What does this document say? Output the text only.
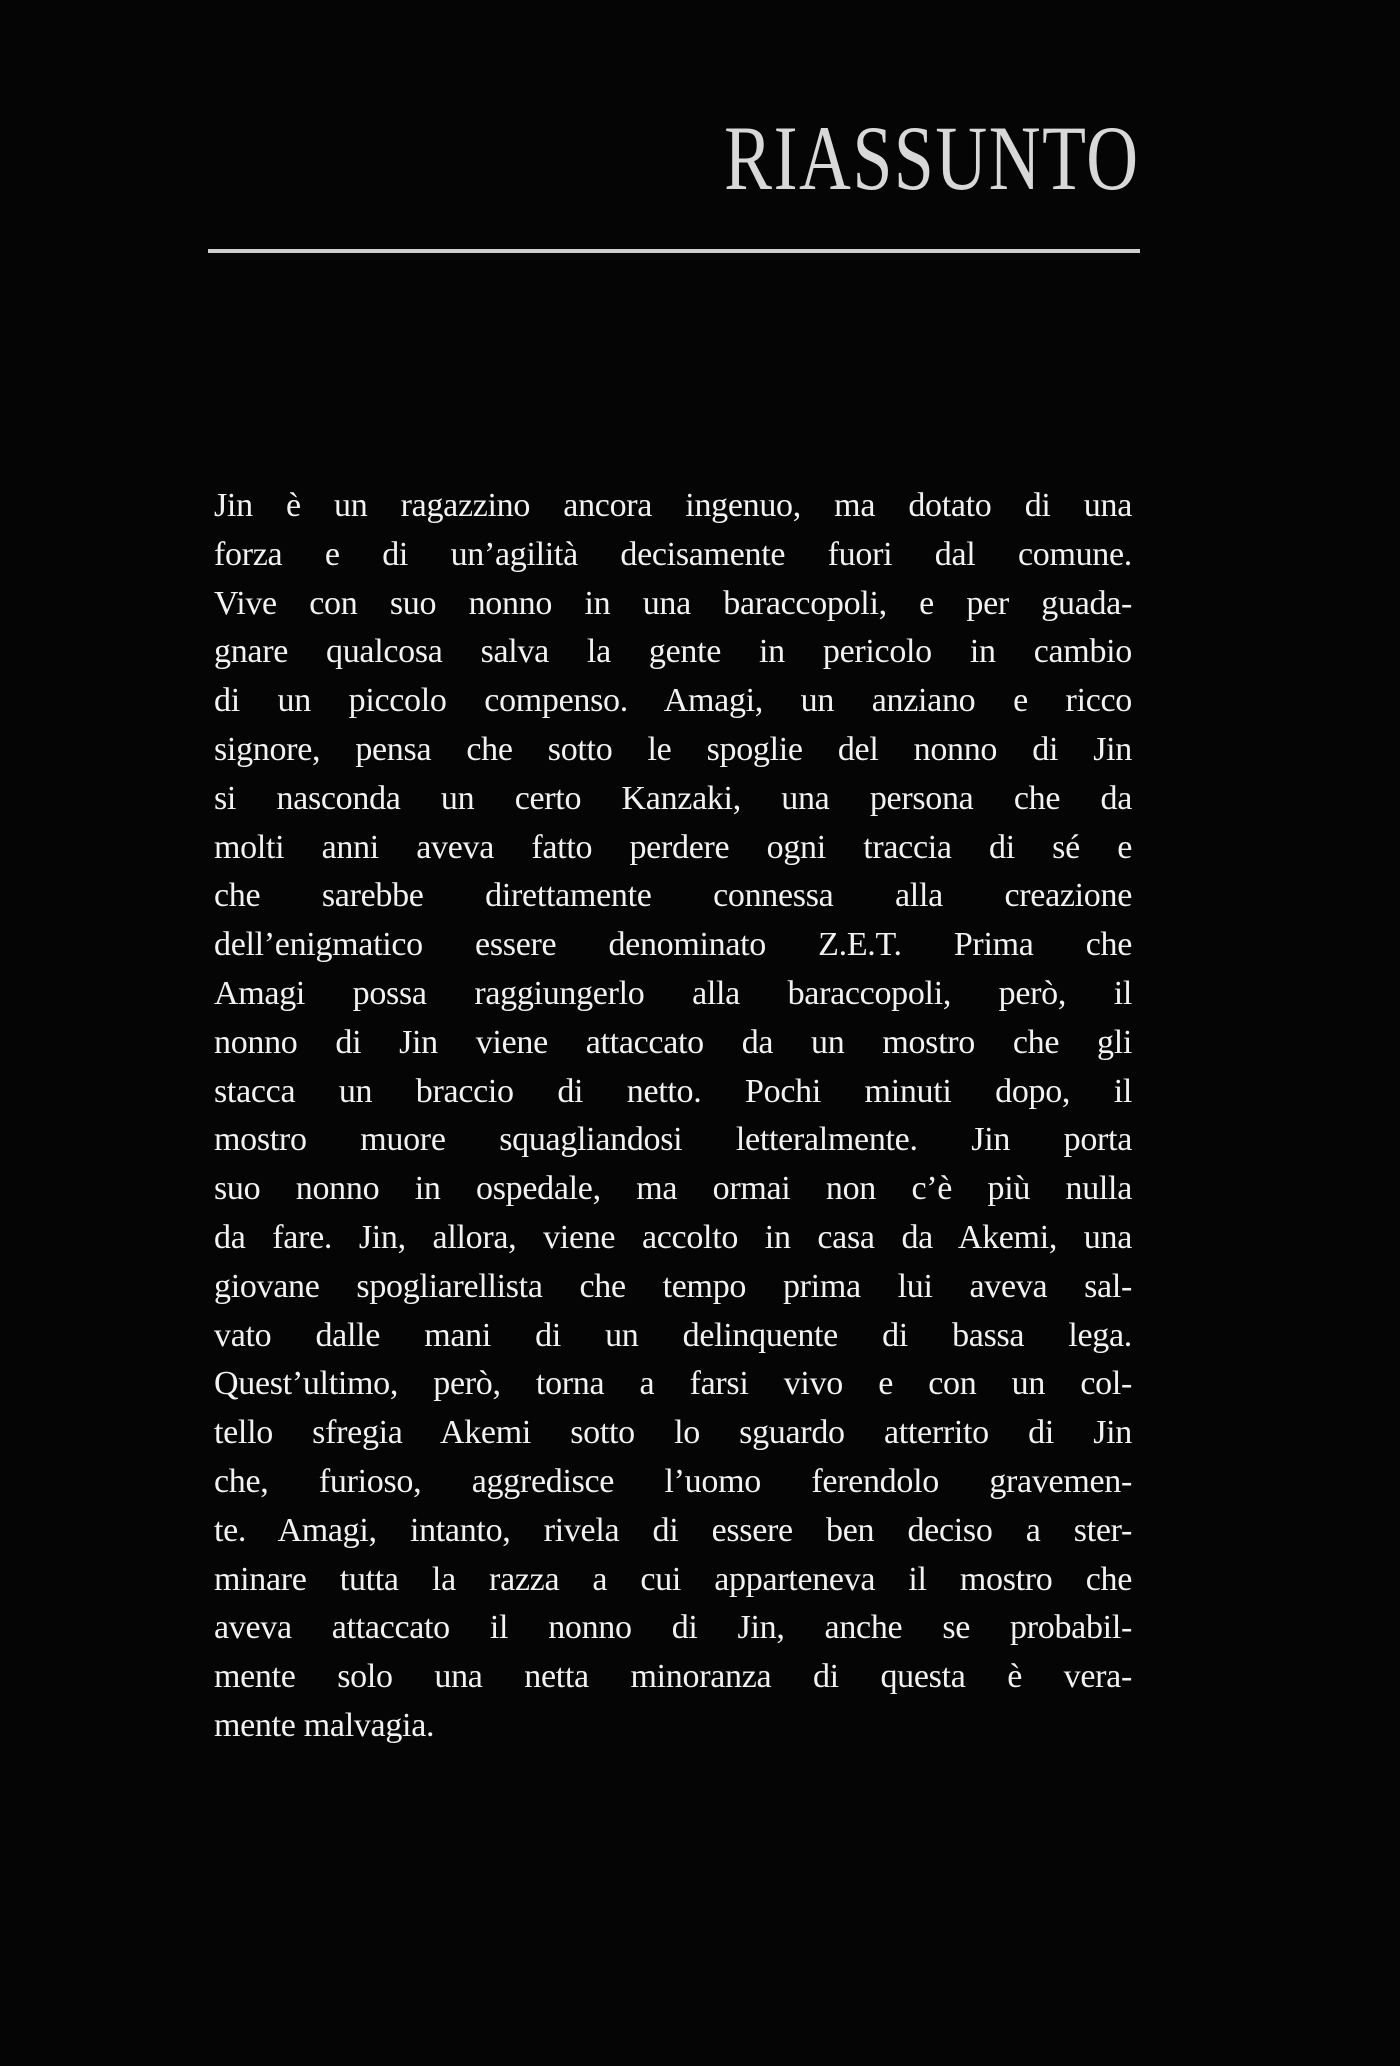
RIASSUNTO
Jin è un ragazzino ancora ingenuo, ma dotato di una
forza e di un’agilità decisamente fuori dal comune.
Vive con suo nonno in una baraccopoli, e per guada-
gnare qualcosa salva la gente in pericolo in cambio
di un piccolo compenso. Amagi, un anziano e ricco
signore, pensa che sotto le spoglie del nonno di Jin
si nasconda un certo Kanzaki, una persona che da
molti anni aveva fatto perdere ogni traccia di sé e
che sarebbe direttamente connessa alla creazione
dell’enigmatico essere denominato Z.E.T. Prima che
Amagi possa raggiungerlo alla baraccopoli, però, il
nonno di Jin viene attaccato da un mostro che gli
stacca un braccio di netto. Pochi minuti dopo, il
mostro muore squagliandosi letteralmente. Jin porta
suo nonno in ospedale, ma ormai non c’è più nulla
da fare. Jin, allora, viene accolto in casa da Akemi, una
giovane spogliarellista che tempo prima lui aveva sal-
vato dalle mani di un delinquente di bassa lega.
Quest’ultimo, però, torna a farsi vivo e con un col-
tello sfregia Akemi sotto lo sguardo atterrito di Jin
che, furioso, aggredisce l’uomo ferendolo gravemen-
te. Amagi, intanto, rivela di essere ben deciso a ster-
minare tutta la razza a cui apparteneva il mostro che
aveva attaccato il nonno di Jin, anche se probabil-
mente solo una netta minoranza di questa è vera-
mente malvagia.
